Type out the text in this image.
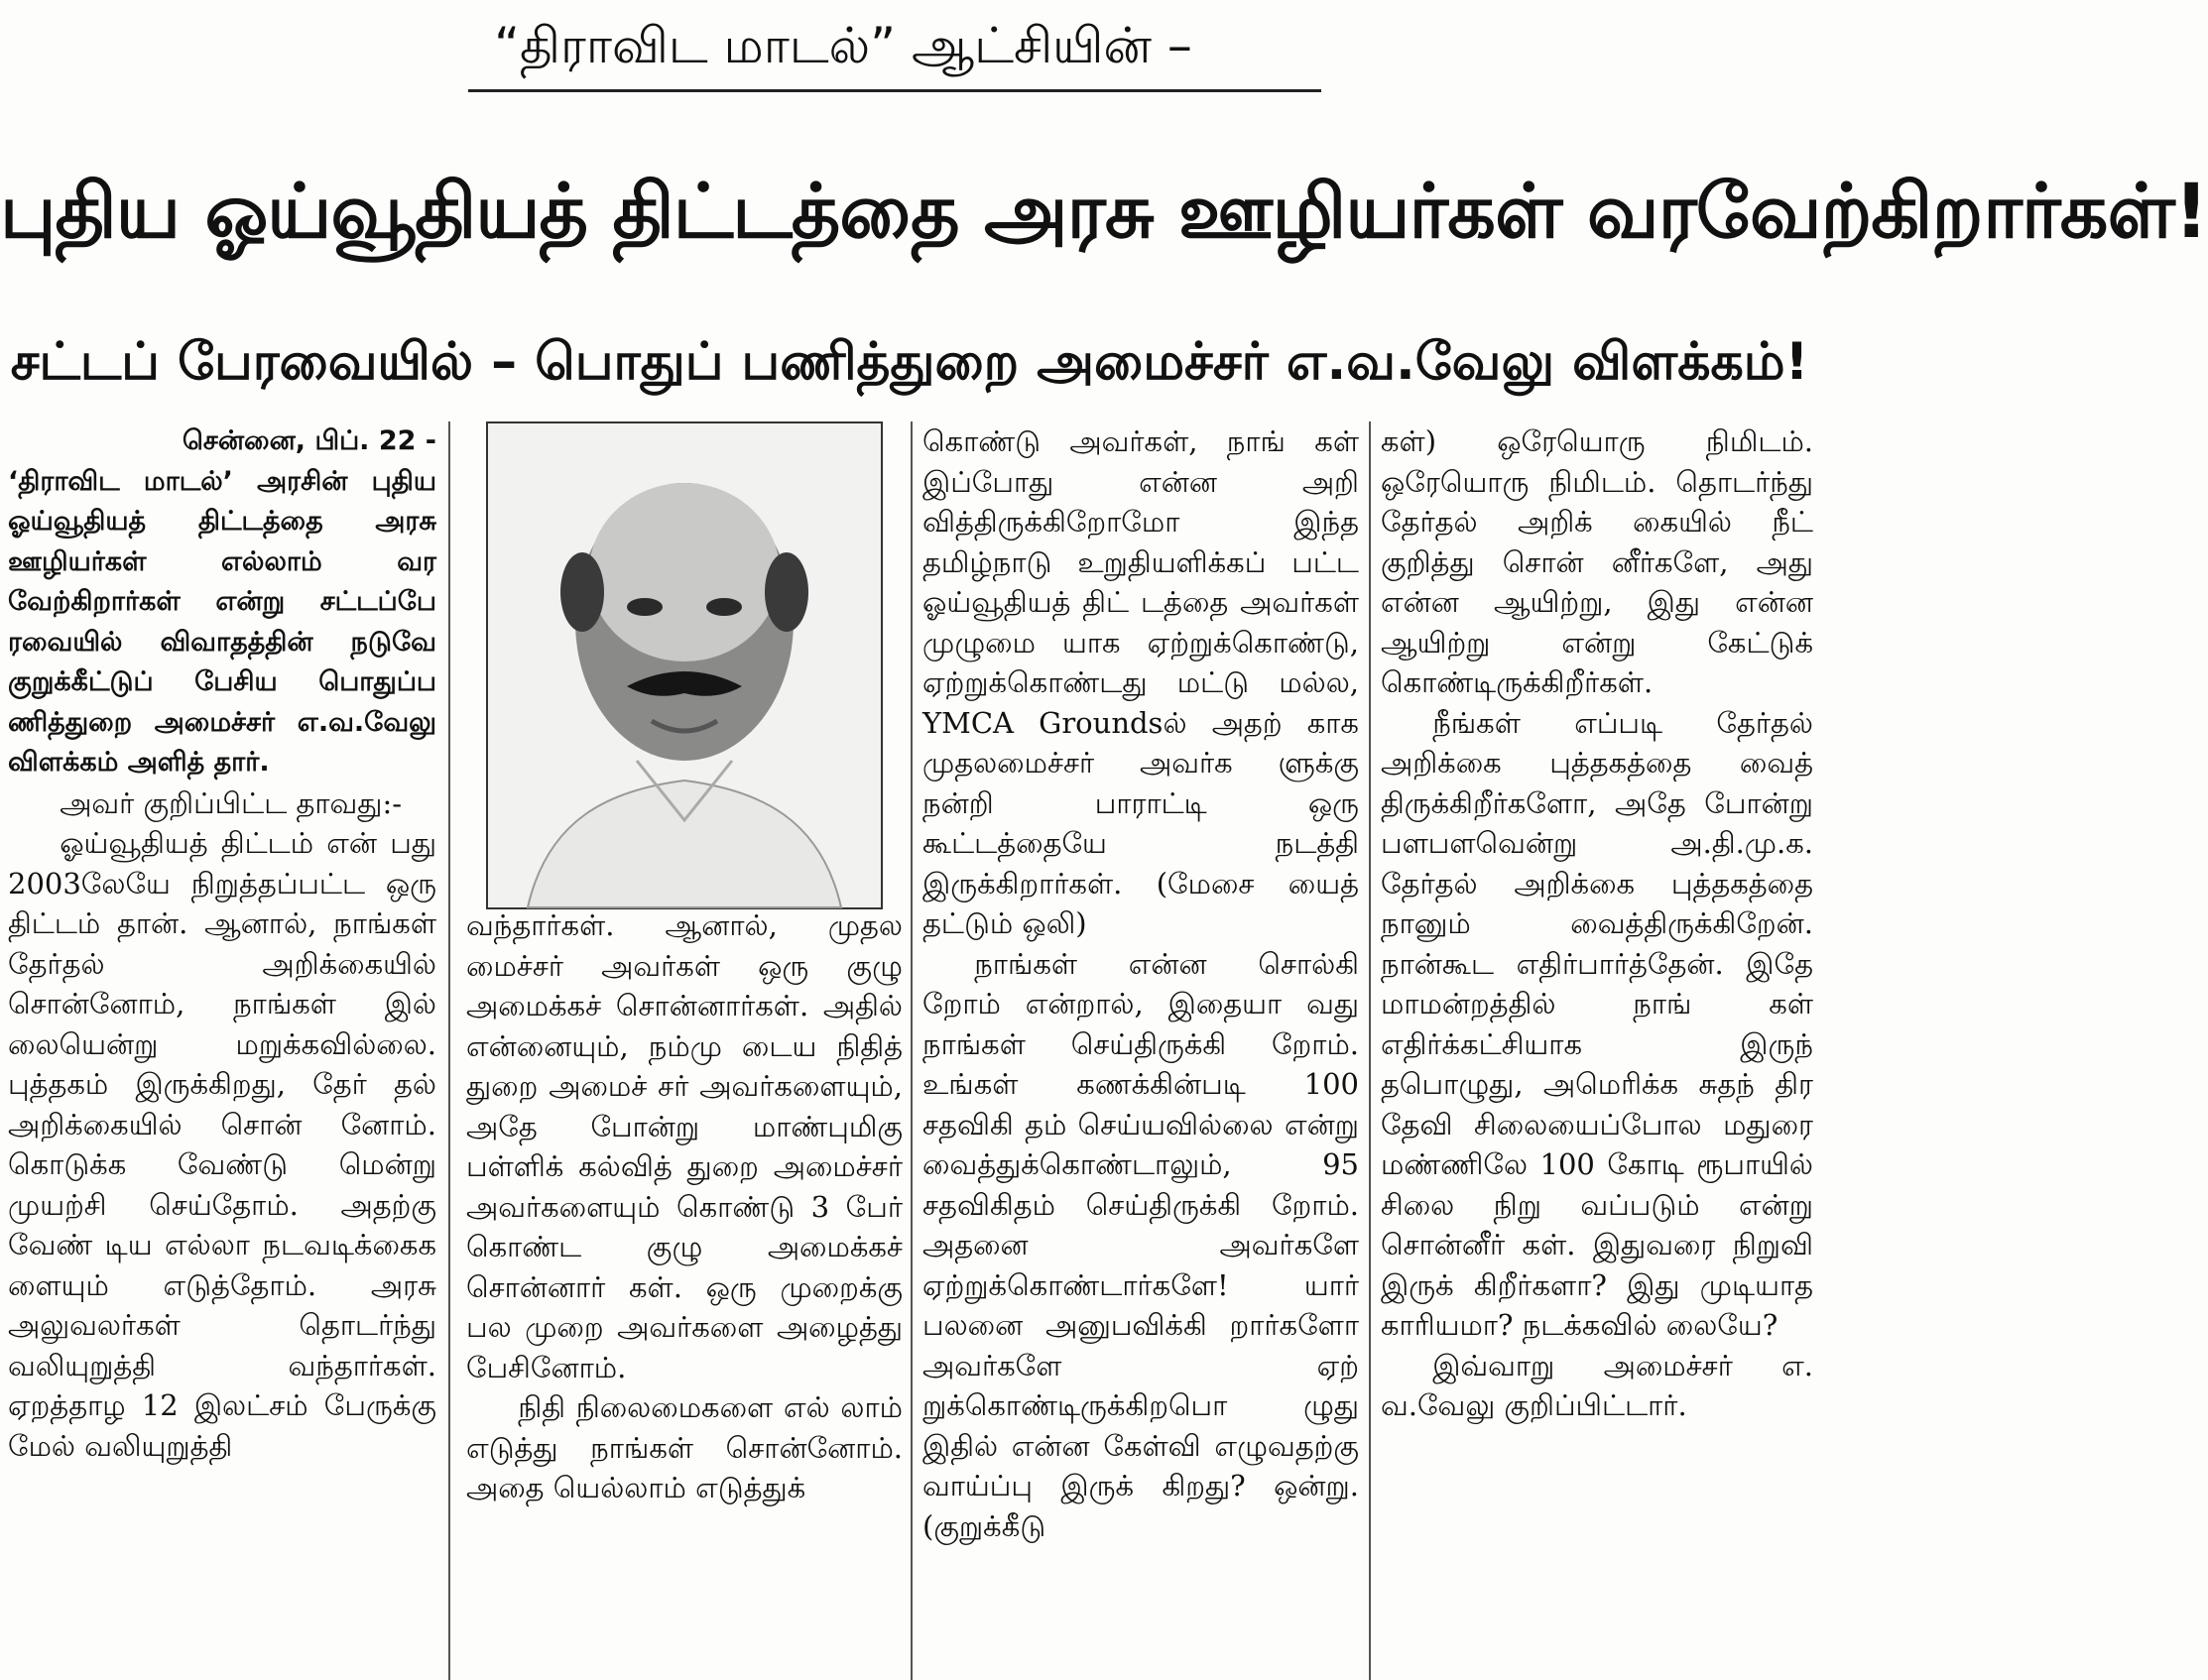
“திராவிட மாடல்” ஆட்சியின் –
புதிய ஓய்வூதியத் திட்டத்தை அரசு ஊழியர்கள் வரவேற்கிறார்கள்!
சட்டப் பேரவையில் – பொதுப் பணித்துறை அமைச்சர் எ.வ.வேலு விளக்கம்!

சென்னை, பிப். 22 -
‘திராவிட மாடல்’ அரசின் புதிய ஓய்வூதியத் திட்டத்தை அரசு ஊழியர்கள் எல்லாம் வர வேற்கிறார்கள் என்று சட்டப்பே ரவையில் விவாதத்தின் நடுவே குறுக்கீட்டுப் பேசிய பொதுப்ப ணித்துறை அமைச்சர் எ.வ.வேலு விளக்கம் அளித் தார்.

அவர் குறிப்பிட்ட தாவது:-

ஓய்வூதியத் திட்டம் என் பது 2003லேயே நிறுத்தப்பட்ட ஒரு திட்டம் தான். ஆனால், நாங்கள் தேர்தல் அறிக்கையில் சொன்னோம், நாங்கள் இல் லையென்று மறுக்கவில்லை. புத்தகம் இருக்கிறது, தேர் தல் அறிக்கையில் சொன் னோம். கொடுக்க வேண்டு மென்று முயற்சி செய்தோம். அதற்கு வேண் டிய எல்லா நடவடிக்கைக ளையும் எடுத்தோம். அரசு அலுவலர்கள் தொடர்ந்து வலியுறுத்தி வந்தார்கள். ஏறத்தாழ 12 இலட்சம் பேருக்கு மேல் வலியுறுத்தி

வந்தார்கள். ஆனால், முதல மைச்சர் அவர்கள் ஒரு குழு அமைக்கச் சொன்னார்கள். அதில் என்னையும், நம்மு டைய நிதித் துறை அமைச் சர் அவர்களையும், அதே போன்று மாண்புமிகு பள்ளிக் கல்வித் துறை அமைச்சர் அவர்களையும் கொண்டு 3 பேர் கொண்ட குழு அமைக்கச் சொன்னார் கள். ஒரு முறைக்கு பல முறை அவர்களை அழைத்து பேசினோம்.

நிதி நிலைமைகளை எல் லாம் எடுத்து நாங்கள் சொன்னோம். அதை யெல்லாம் எடுத்துக்

கொண்டு அவர்கள், நாங் கள் இப்போது என்ன அறி வித்திருக்கிறோமோ இந்த தமிழ்நாடு உறுதியளிக்கப் பட்ட ஓய்வூதியத் திட் டத்தை அவர்கள் முழுமை யாக ஏற்றுக்கொண்டு, ஏற்றுக்கொண்டது மட்டு மல்ல, YMCA Groundsல் அதற் காக முதலமைச்சர் அவர்க ளுக்கு நன்றி பாராட்டி ஒரு கூட்டத்தையே நடத்தி இருக்கிறார்கள். (மேசை யைத் தட்டும் ஒலி)

நாங்கள் என்ன சொல்கி றோம் என்றால், இதையா வது நாங்கள் செய்திருக்கி றோம். உங்கள் கணக்கின்படி 100 சதவிகி தம் செய்யவில்லை என்று வைத்துக்கொண்டாலும், 95 சதவிகிதம் செய்திருக்கி றோம். அதனை அவர்களே ஏற்றுக்கொண்டார்களே! யார் பலனை அனுபவிக்கி றார்களோ அவர்களே ஏற் றுக்கொண்டிருக்கிறபொ ழுது இதில் என்ன கேள்வி எழுவதற்கு வாய்ப்பு இருக் கிறது? ஒன்று. (குறுக்கீடு

கள்) ஒரேயொரு நிமிடம். ஒரேயொரு நிமிடம். தொடர்ந்து தேர்தல் அறிக் கையில் நீட் குறித்து சொன் னீர்களே, அது என்ன ஆயிற்று, இது என்ன ஆயிற்று என்று கேட்டுக் கொண்டிருக்கிறீர்கள்.

நீங்கள் எப்படி தேர்தல் அறிக்கை புத்தகத்தை வைத் திருக்கிறீர்களோ, அதே போன்று பளபளவென்று அ.தி.மு.க. தேர்தல் அறிக்கை புத்தகத்தை நானும் வைத்திருக்கிறேன். நான்கூட எதிர்பார்த்தேன். இதே மாமன்றத்தில் நாங் கள் எதிர்க்கட்சியாக இருந் தபொழுது, அமெரிக்க சுதந் திர தேவி சிலையைப்போல மதுரை மண்ணிலே 100 கோடி ரூபாயில் சிலை நிறு வப்படும் என்று சொன்னீர் கள். இதுவரை நிறுவி இருக் கிறீர்களா? இது முடியாத காரியமா? நடக்கவில் லையே?

இவ்வாறு அமைச்சர் எ. வ.வேலு குறிப்பிட்டார்.
